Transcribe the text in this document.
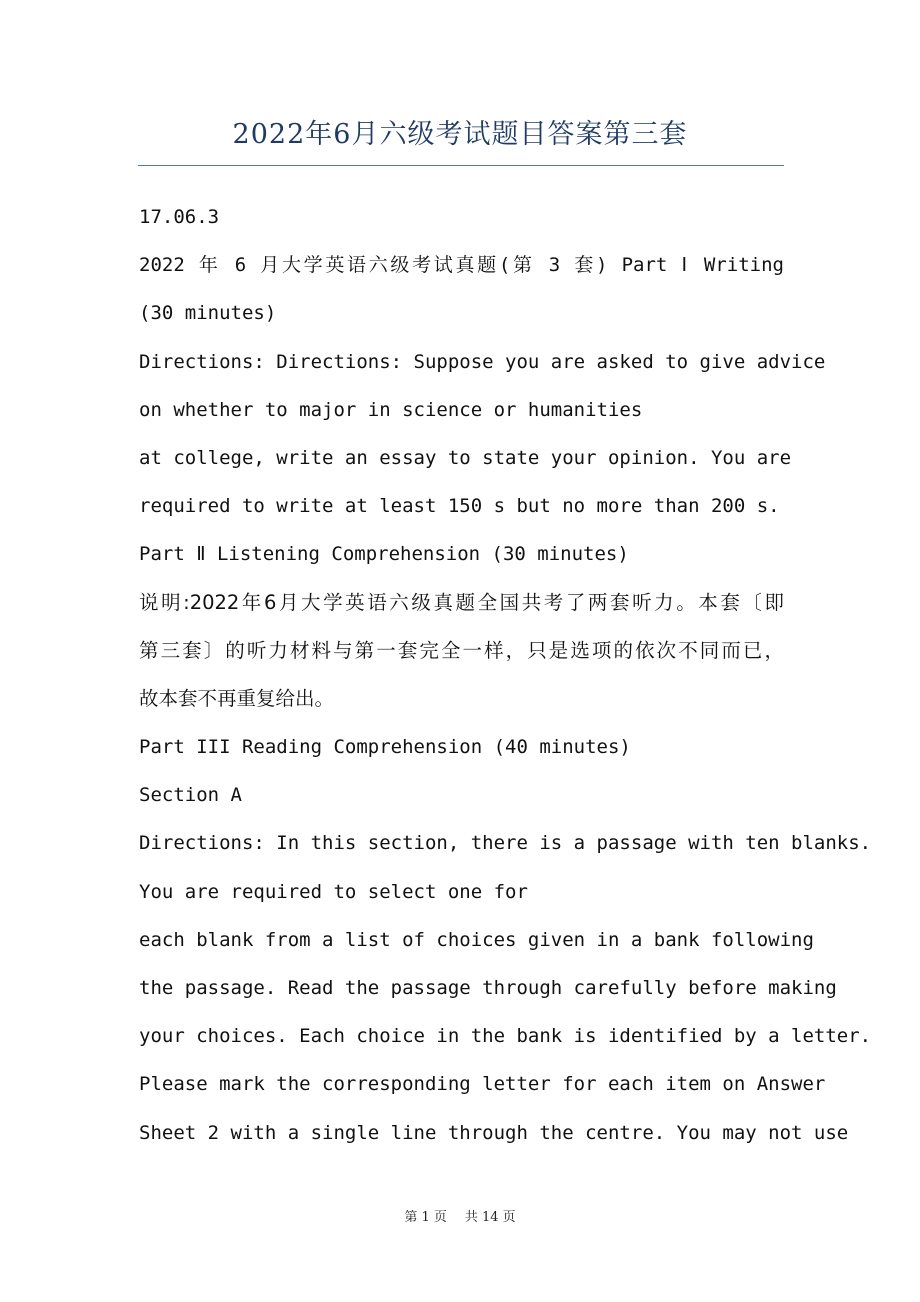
2022年6月六级考试题目答案第三套
17.06.3
2022 年 6 月大学英语六级考试真题(第 3 套) Part Ⅰ Writing
(30 minutes)
Directions: Directions: Suppose you are asked to give advice
on whether to major in science or humanities
at college, write an essay to state your opinion. You are
required to write at least 150 s but no more than 200 s.
Part Ⅱ Listening Comprehension (30 minutes)
说明:2022年6月大学英语六级真题全国共考了两套听力。本套〔即
第三套〕的听力材料与第一套完全一样，只是选项的依次不同而已，
故本套不再重复给出。
Part III Reading Comprehension (40 minutes)
Section A
Directions: In this section, there is a passage with ten blanks.
You are required to select one for
each blank from a list of choices given in a bank following
the passage. Read the passage through carefully before making
your choices. Each choice in the bank is identified by a letter.
Please mark the corresponding letter for each item on Answer
Sheet 2 with a single line through the centre. You may not use
第 1 页 共 14 页
